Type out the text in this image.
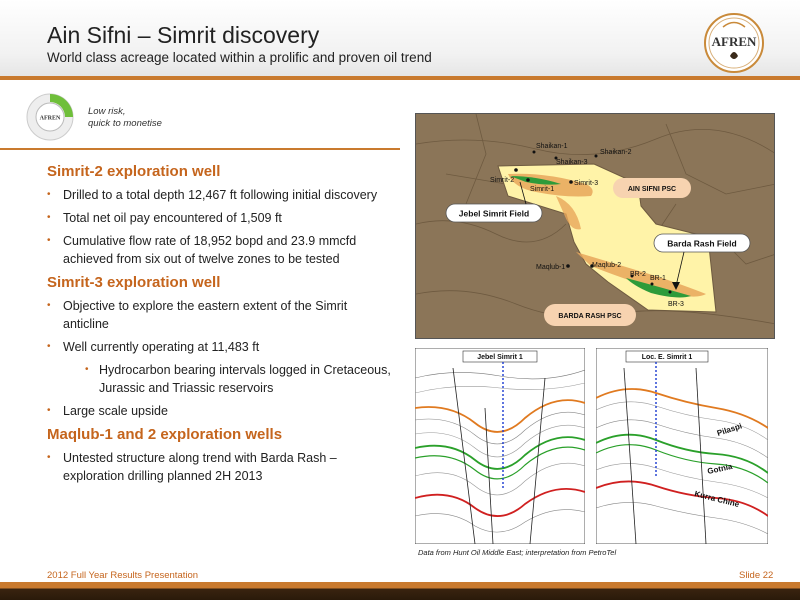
Ain Sifni – Simrit discovery
World class acreage located within a prolific and proven oil trend
AFREN
AFREN
Low risk,
quick to monetise
Simrit-2 exploration well
• Drilled to a total depth 12,467 ft following initial discovery
• Total net oil pay encountered of 1,509 ft
• Cumulative flow rate of 18,952 bopd and 23.9 mmcfd achieved from six out of twelve zones to be tested
Simrit-3 exploration well
• Objective to explore the eastern extent of the Simrit anticline
• Well currently operating at 11,483 ft
• Hydrocarbon bearing intervals logged in Cretaceous, Jurassic and Triassic reservoirs
• Large scale upside
Maqlub-1 and 2 exploration wells
• Untested structure along trend with Barda Rash – exploration drilling planned 2H 2013
AIN SIFNI PSC
BARDA RASH PSC
Jebel Simrit Field
Barda Rash Field
Shaikan-1
Shaikan-2
Shaikan-3
Simrit-2
Simrit-1
Simrit-3
Maqlub-1	Maqlub-2
BR-1
BR-2
BR-3
Jebel Simrit 1	Loc. E. Simrit 1
Pilaspi
Gotnia
Kurra Chine
Data from Hunt Oil Middle East; interpretation from PetroTel
2012 Full Year Results Presentation	Slide 22
